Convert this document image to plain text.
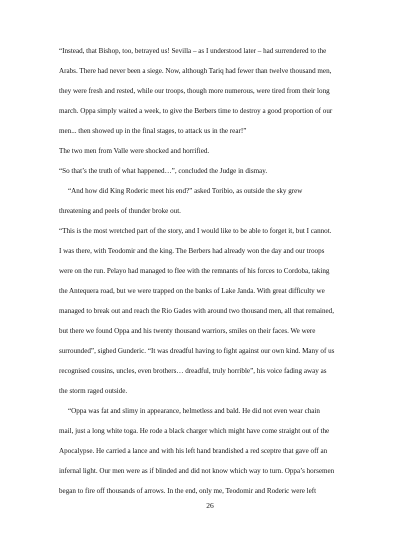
“Instead, that Bishop, too, betrayed us! Sevilla – as I understood later – had surrendered to the
Arabs. There had never been a siege. Now, although Tariq had fewer than twelve thousand men,
they were fresh and rested, while our troops, though more numerous, were tired from their long
march. Oppa simply waited a week, to give the Berbers time to destroy a good proportion of our
men... then showed up in the final stages, to attack us in the rear!”
The two men from Valle were shocked and horrified.
“So that’s the truth of what happened…”, concluded the Judge in dismay.
“And how did King Roderic meet his end?” asked Toribio, as outside the sky grew
threatening and peels of thunder broke out.
“This is the most wretched part of the story, and I would like to be able to forget it, but I cannot.
I was there, with Teodomir and the king. The Berbers had already won the day and our troops
were on the run. Pelayo had managed to flee with the remnants of his forces to Cordoba, taking
the Antequera road, but we were trapped on the banks of Lake Janda. With great difficulty we
managed to break out and reach the Rio Gades with around two thousand men, all that remained,
but there we found Oppa and his twenty thousand warriors, smiles on their faces. We were
surrounded”, sighed Gunderic. “It was dreadful having to fight against our own kind. Many of us
recognised cousins, uncles, even brothers… dreadful, truly horrible”, his voice fading away as
the storm raged outside.
“Oppa was fat and slimy in appearance, helmetless and bald. He did not even wear chain
mail, just a long white toga. He rode a black charger which might have come straight out of the
Apocalypse. He carried a lance and with his left hand brandished a red sceptre that gave off an
infernal light. Our men were as if blinded and did not know which way to turn. Oppa’s horsemen
began to fire off thousands of arrows. In the end, only me, Teodomir and Roderic were left
26
